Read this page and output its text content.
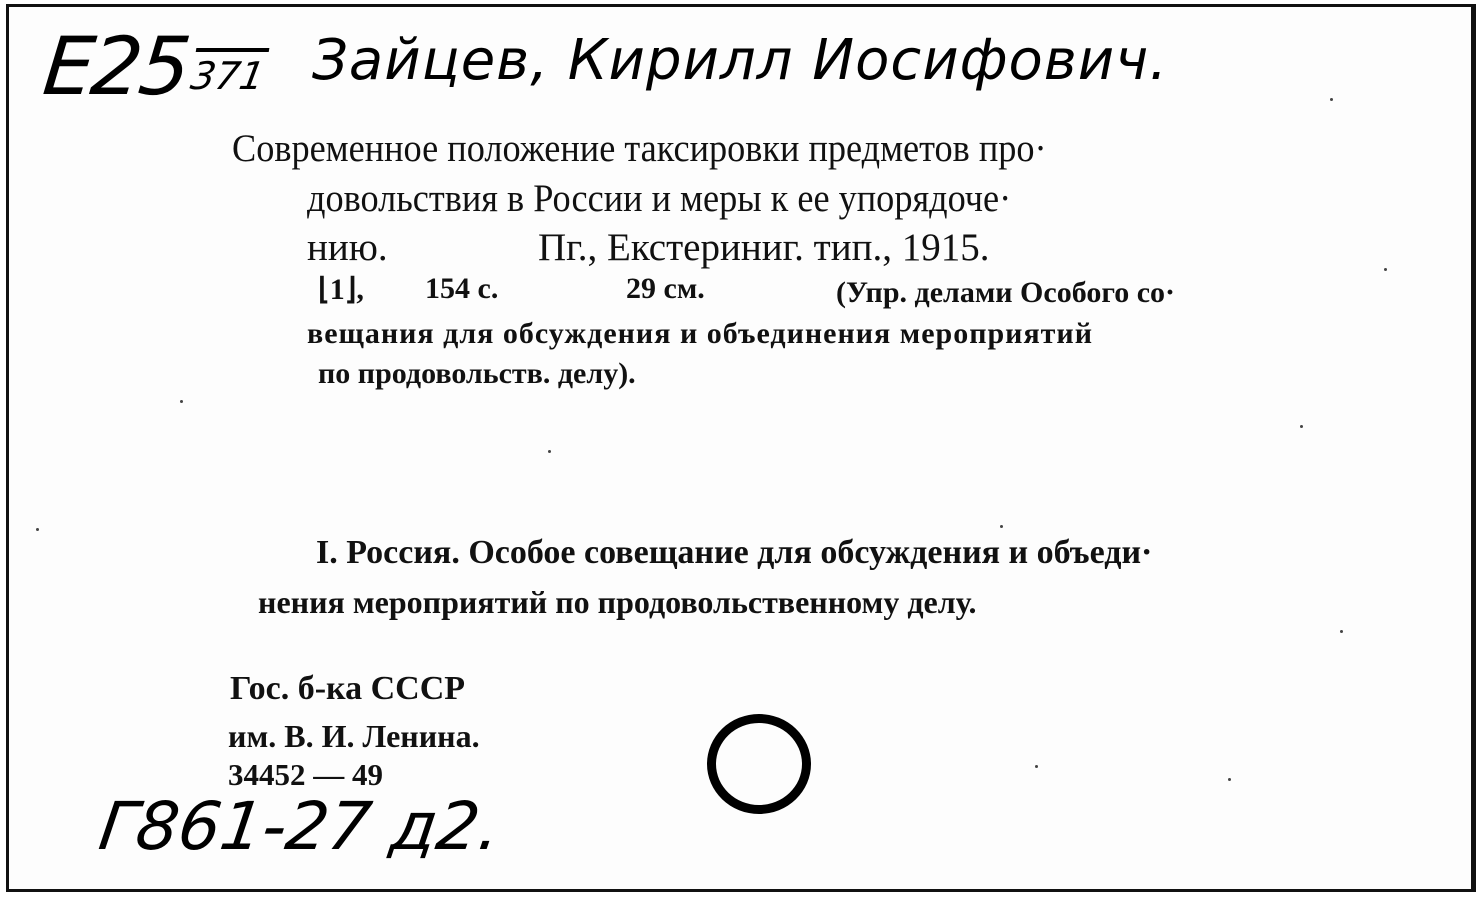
E25
371 Зайцев, Кирилл Иосифович.
Современное положение таксировки предметов про·
довольствия в России и меры к ее упорядоче·
нию.	Пг., Екстериниг. тип., 1915.
⌊1⌋, 154 с.	29 см.	(Упр. делами Особого со·
вещания для обсуждения и объединения мероприятий
по продовольств. делу).
I. Россия. Особое совещание для обсуждения и объеди·
нения мероприятий по продовольственному делу.
Гос. б-ка СССР
им. В. И. Ленина.
34452 — 49
Г861-27 д2.
